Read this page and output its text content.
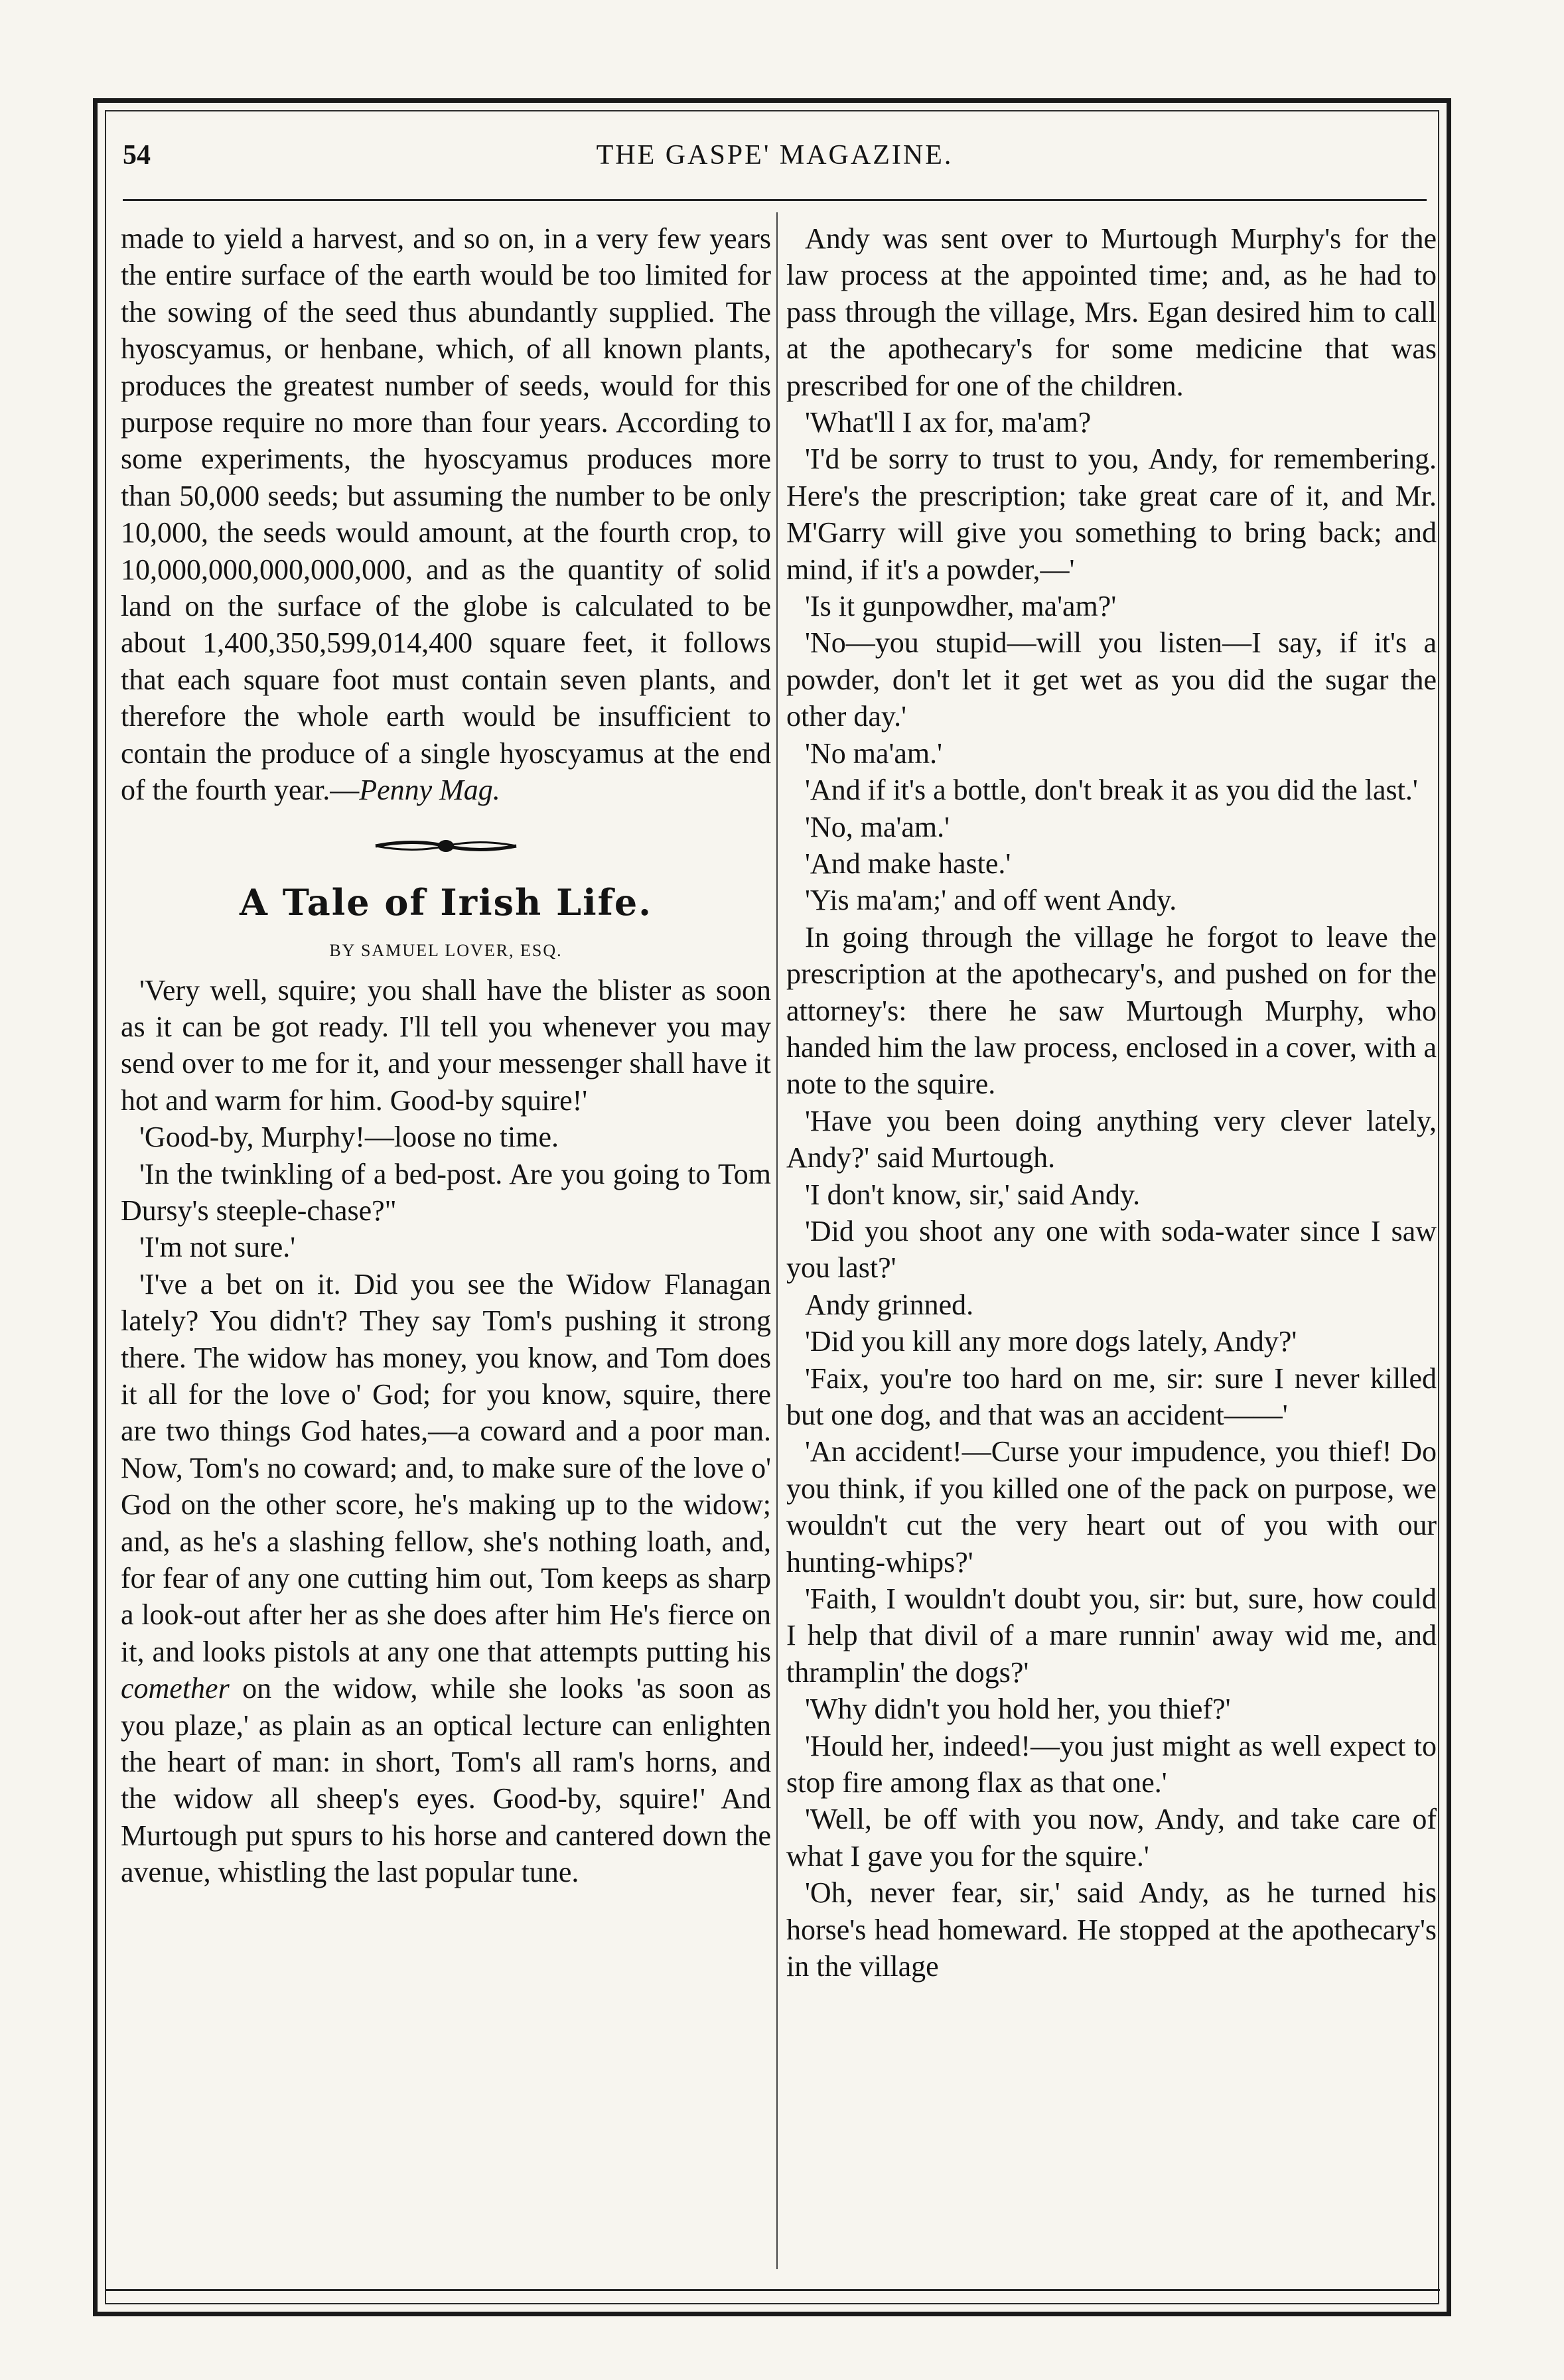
54	THE GASPE' MAGAZINE.

made to yield a harvest, and so on, in a very few years the entire surface of the earth would be too limited for the sowing of the seed thus abundantly supplied. The hyoscyamus, or henbane, which, of all known plants, produces the greatest number of seeds, would for this purpose require no more than four years. According to some experiments, the hyoscyamus produces more than 50,000 seeds; but assuming the number to be only 10,000, the seeds would amount, at the fourth crop, to 10,000,000,000,000,000, and as the quantity of solid land on the surface of the globe is calculated to be about 1,400,350,599,014,400 square feet, it follows that each square foot must contain seven plants, and therefore the whole earth would be insufficient to contain the produce of a single hyoscyamus at the end of the fourth year.—Penny Mag.

A Tale of Irish Life.
BY SAMUEL LOVER, ESQ.

'Very well, squire; you shall have the blister as soon as it can be got ready. I'll tell you whenever you may send over to me for it, and your messenger shall have it hot and warm for him. Good-by squire!'

'Good-by, Murphy!—loose no time.

'In the twinkling of a bed-post. Are you going to Tom Dursy's steeple-chase?"

'I'm not sure.'

'I've a bet on it. Did you see the Widow Flanagan lately? You didn't? They say Tom's pushing it strong there. The widow has money, you know, and Tom does it all for the love o' God; for you know, squire, there are two things God hates,—a coward and a poor man. Now, Tom's no coward; and, to make sure of the love o' God on the other score, he's making up to the widow; and, as he's a slashing fellow, she's nothing loath, and, for fear of any one cutting him out, Tom keeps as sharp a look-out after her as she does after him He's fierce on it, and looks pistols at any one that attempts putting his comether on the widow, while she looks 'as soon as you plaze,' as plain as an optical lecture can enlighten the heart of man: in short, Tom's all ram's horns, and the widow all sheep's eyes. Good-by, squire!' And Murtough put spurs to his horse and cantered down the avenue, whistling the last popular tune.

Andy was sent over to Murtough Murphy's for the law process at the appointed time; and, as he had to pass through the village, Mrs. Egan desired him to call at the apothecary's for some medicine that was prescribed for one of the children.

'What'll I ax for, ma'am?

'I'd be sorry to trust to you, Andy, for remembering. Here's the prescription; take great care of it, and Mr. M'Garry will give you something to bring back; and mind, if it's a powder,—'

'Is it gunpowdher, ma'am?'

'No—you stupid—will you listen—I say, if it's a powder, don't let it get wet as you did the sugar the other day.'

'No ma'am.'

'And if it's a bottle, don't break it as you did the last.'

'No, ma'am.'

'And make haste.'

'Yis ma'am;' and off went Andy.

In going through the village he forgot to leave the prescription at the apothecary's, and pushed on for the attorney's: there he saw Murtough Murphy, who handed him the law process, enclosed in a cover, with a note to the squire.

'Have you been doing anything very clever lately, Andy?' said Murtough.

'I don't know, sir,' said Andy.

'Did you shoot any one with soda-water since I saw you last?'

Andy grinned.

'Did you kill any more dogs lately, Andy?'

'Faix, you're too hard on me, sir: sure I never killed but one dog, and that was an accident——'

'An accident!—Curse your impudence, you thief! Do you think, if you killed one of the pack on purpose, we wouldn't cut the very heart out of you with our hunting-whips?'

'Faith, I wouldn't doubt you, sir: but, sure, how could I help that divil of a mare runnin' away wid me, and thramplin' the dogs?'

'Why didn't you hold her, you thief?'

'Hould her, indeed!—you just might as well expect to stop fire among flax as that one.'

'Well, be off with you now, Andy, and take care of what I gave you for the squire.'

'Oh, never fear, sir,' said Andy, as he turned his horse's head homeward. He stopped at the apothecary's in the village
